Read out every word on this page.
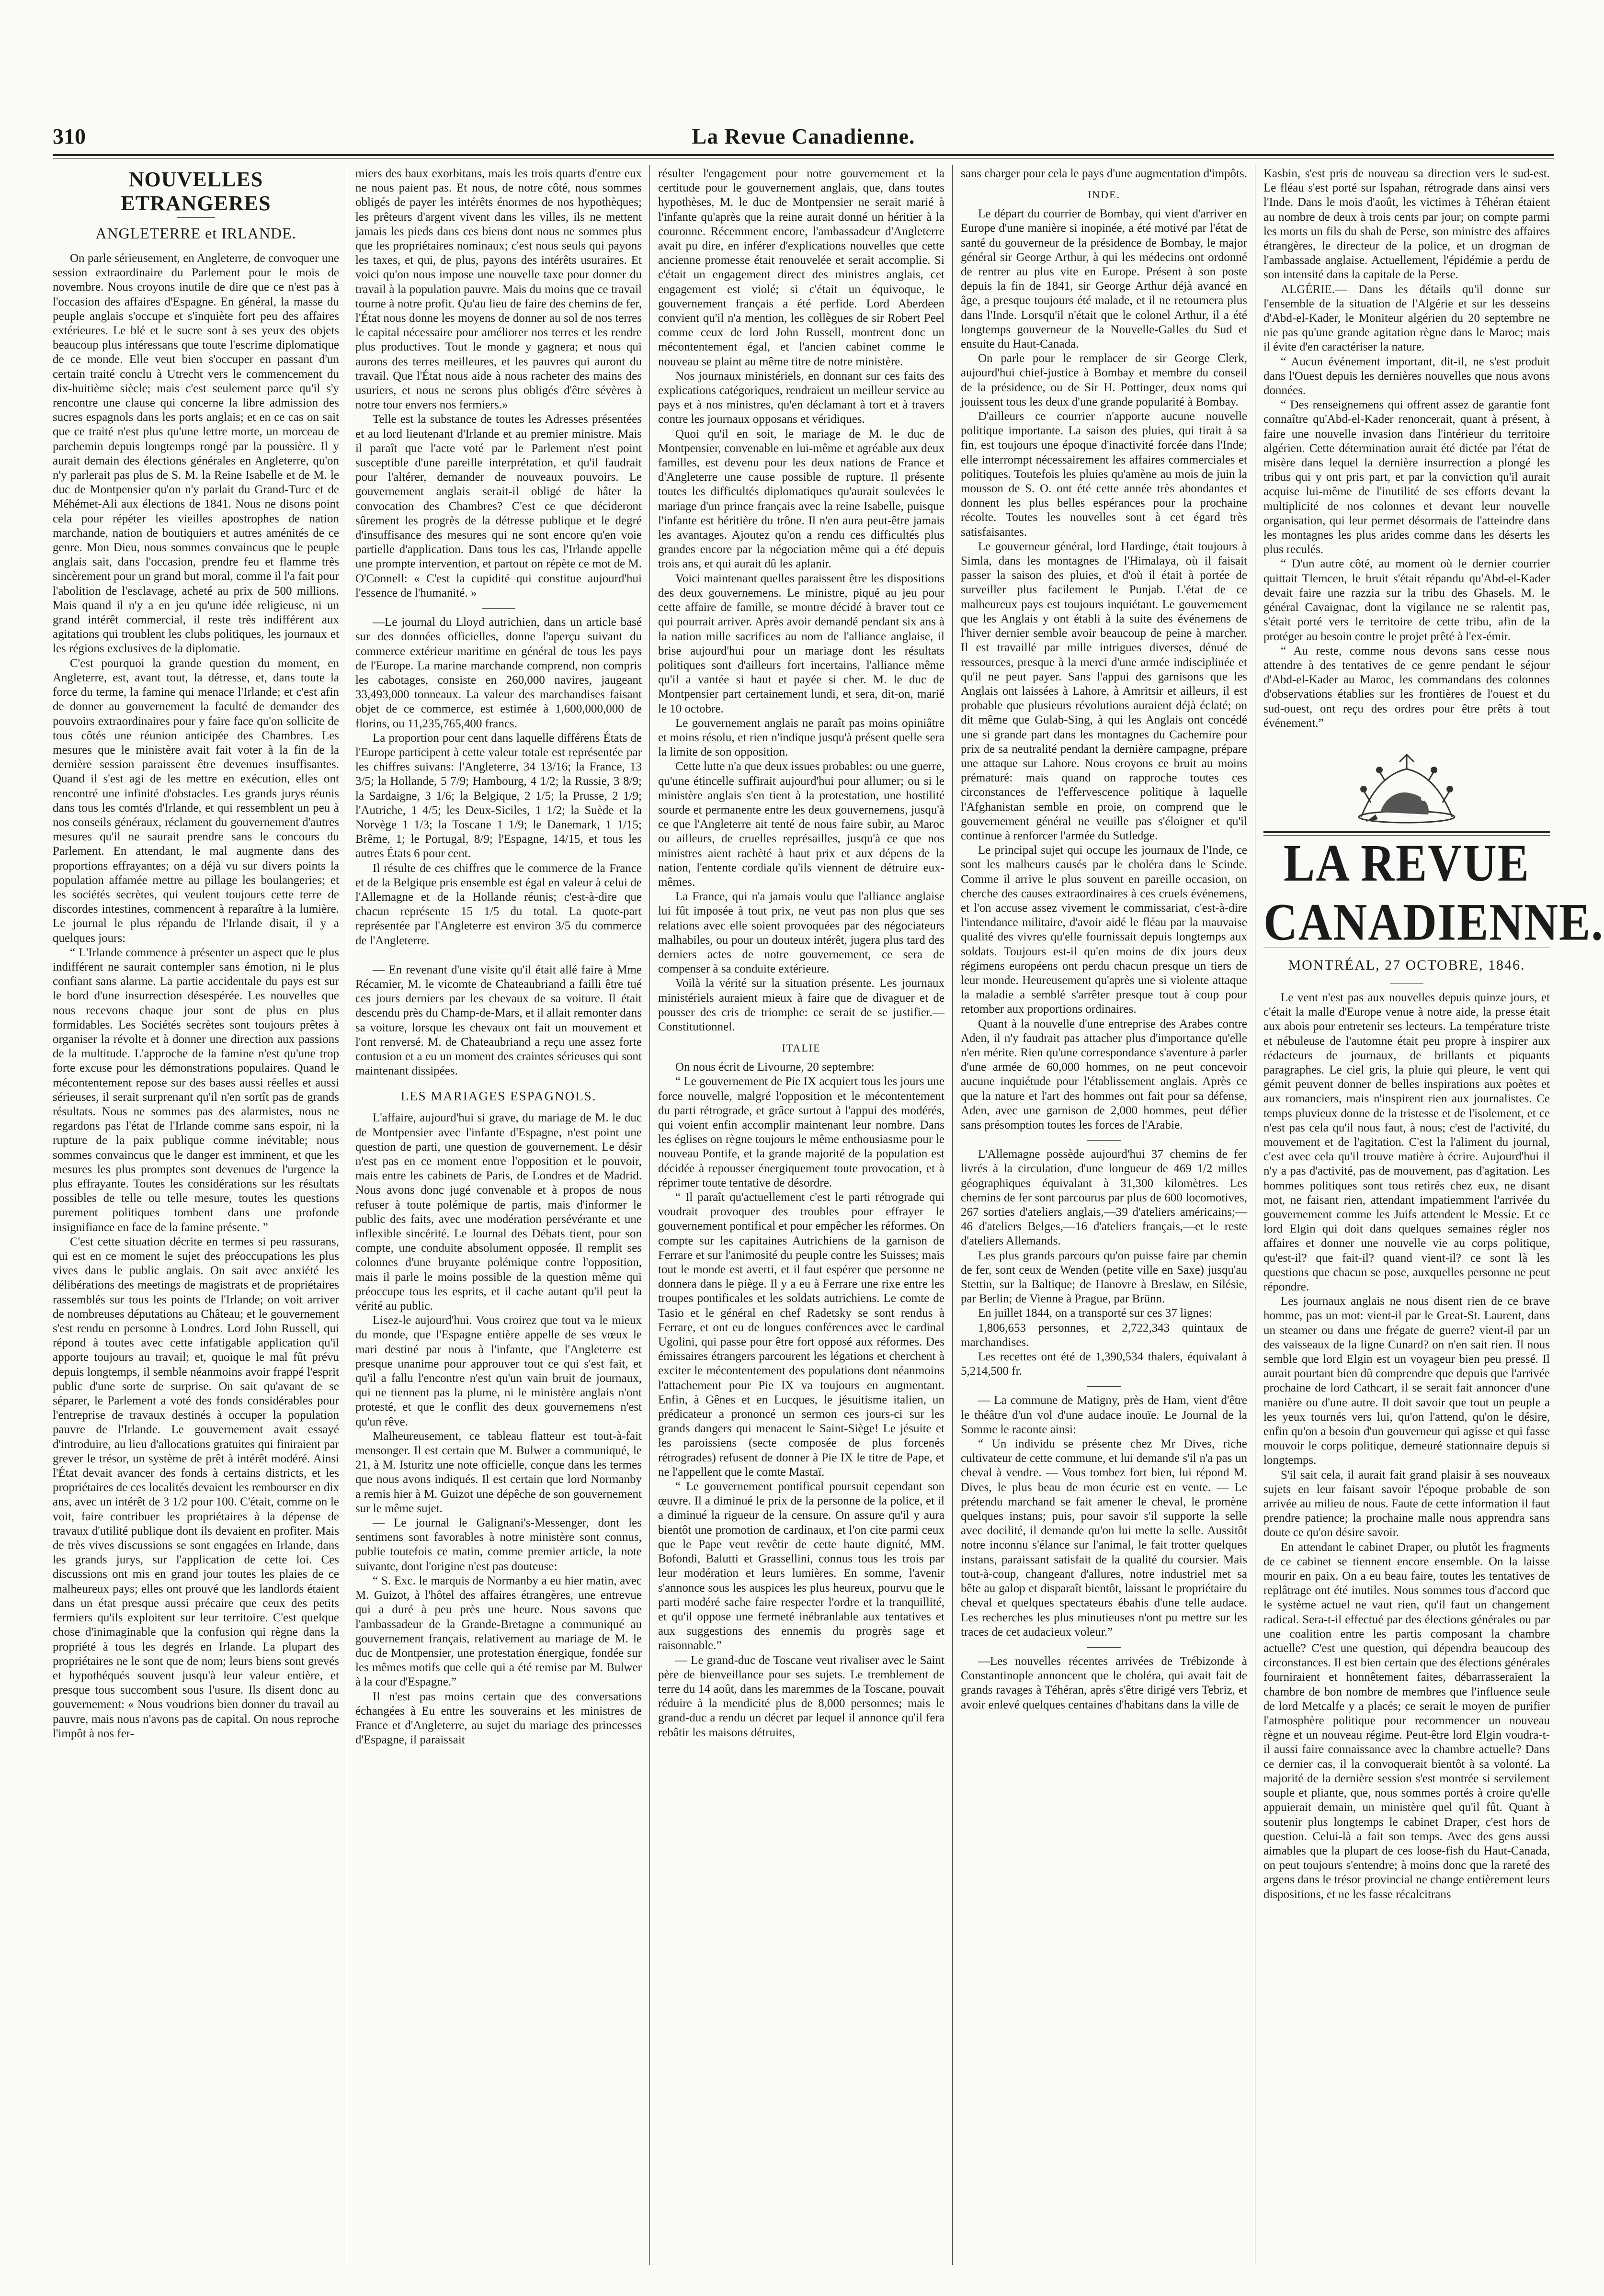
310	La Revue Canadienne.
NOUVELLES ETRANGERES
ANGLETERRE et IRLANDE.

On parle sérieusement, en Angleterre, de convoquer une session extraordinaire du Parlement pour le mois de novembre. Nous croyons inutile de dire que ce n'est pas à l'occasion des affaires d'Espagne. En général, la masse du peuple anglais s'occupe et s'inquiète fort peu des affaires extérieures. Le blé et le sucre sont à ses yeux des objets beaucoup plus intéressans que toute l'escrime diplomatique de ce monde. Elle veut bien s'occuper en passant d'un certain traité conclu à Utrecht vers le commencement du dix-huitième siècle; mais c'est seulement parce qu'il s'y rencontre une clause qui concerne la libre admission des sucres espagnols dans les ports anglais; et en ce cas on sait que ce traité n'est plus qu'une lettre morte, un morceau de parchemin depuis longtemps rongé par la poussière. Il y aurait demain des élections générales en Angleterre, qu'on n'y parlerait pas plus de S. M. la Reine Isabelle et de M. le duc de Montpensier qu'on n'y parlait du Grand-Turc et de Méhémet-Ali aux élections de 1841. Nous ne disons point cela pour répéter les vieilles apostrophes de nation marchande, nation de boutiquiers et autres aménités de ce genre. Mon Dieu, nous sommes convaincus que le peuple anglais sait, dans l'occasion, prendre feu et flamme très sincèrement pour un grand but moral, comme il l'a fait pour l'abolition de l'esclavage, acheté au prix de 500 millions. Mais quand il n'y a en jeu qu'une idée religieuse, ni un grand intérêt commercial, il reste très indifférent aux agitations qui troublent les clubs politiques, les journaux et les régions exclusives de la diplomatie.

C'est pourquoi la grande question du moment, en Angleterre, est, avant tout, la détresse, et, dans toute la force du terme, la famine qui menace l'Irlande; et c'est afin de donner au gouvernement la faculté de demander des pouvoirs extraordinaires pour y faire face qu'on sollicite de tous côtés une réunion anticipée des Chambres. Les mesures que le ministère avait fait voter à la fin de la dernière session paraissent être devenues insuffisantes. Quand il s'est agi de les mettre en exécution, elles ont rencontré une infinité d'obstacles. Les grands jurys réunis dans tous les comtés d'Irlande, et qui ressemblent un peu à nos conseils généraux, réclament du gouvernement d'autres mesures qu'il ne saurait prendre sans le concours du Parlement. En attendant, le mal augmente dans des proportions effrayantes; on a déjà vu sur divers points la population affamée mettre au pillage les boulangeries; et les sociétés secrètes, qui veulent toujours cette terre de discordes intestines, commencent à reparaître à la lumière. Le journal le plus répandu de l'Irlande disait, il y a quelques jours:

“ L'Irlande commence à présenter un aspect que le plus indifférent ne saurait contempler sans émotion, ni le plus confiant sans alarme. La partie accidentale du pays est sur le bord d'une insurrection désespérée. Les nouvelles que nous recevons chaque jour sont de plus en plus formidables. Les Sociétés secrètes sont toujours prêtes à organiser la révolte et à donner une direction aux passions de la multitude. L'approche de la famine n'est qu'une trop forte excuse pour les démonstrations populaires. Quand le mécontentement repose sur des bases aussi réelles et aussi sérieuses, il serait surprenant qu'il n'en sortît pas de grands résultats. Nous ne sommes pas des alarmistes, nous ne regardons pas l'état de l'Irlande comme sans espoir, ni la rupture de la paix publique comme inévitable; nous sommes convaincus que le danger est imminent, et que les mesures les plus promptes sont devenues de l'urgence la plus effrayante. Toutes les considérations sur les résultats possibles de telle ou telle mesure, toutes les questions purement politiques tombent dans une profonde insignifiance en face de la famine présente. ”

C'est cette situation décrite en termes si peu rassurans, qui est en ce moment le sujet des préoccupations les plus vives dans le public anglais. On sait avec anxiété les délibérations des meetings de magistrats et de propriétaires rassemblés sur tous les points de l'Irlande; on voit arriver de nombreuses députations au Château; et le gouvernement s'est rendu en personne à Londres. Lord John Russell, qui répond à toutes avec cette infatigable application qu'il apporte toujours au travail; et, quoique le mal fût prévu depuis longtemps, il semble néanmoins avoir frappé l'esprit public d'une sorte de surprise. On sait qu'avant de se séparer, le Parlement a voté des fonds considérables pour l'entreprise de travaux destinés à occuper la population pauvre de l'Irlande. Le gouvernement avait essayé d'introduire, au lieu d'allocations gratuites qui finiraient par grever le trésor, un système de prêt à intérêt modéré. Ainsi l'État devait avancer des fonds à certains districts, et les propriétaires de ces localités devaient les rembourser en dix ans, avec un intérêt de 3 1/2 pour 100. C'était, comme on le voit, faire contribuer les propriétaires à la dépense de travaux d'utilité publique dont ils devaient en profiter. Mais de très vives discussions se sont engagées en Irlande, dans les grands jurys, sur l'application de cette loi. Ces discussions ont mis en grand jour toutes les plaies de ce malheureux pays; elles ont prouvé que les landlords étaient dans un état presque aussi précaire que ceux des petits fermiers qu'ils exploitent sur leur territoire. C'est quelque chose d'inimaginable que la confusion qui règne dans la propriété à tous les degrés en Irlande. La plupart des propriétaires ne le sont que de nom; leurs biens sont grevés et hypothéqués souvent jusqu'à leur valeur entière, et presque tous succombent sous l'usure. Ils disent donc au gouvernement: « Nous voudrions bien donner du travail au pauvre, mais nous n'avons pas de capital. On nous reproche l'impôt à nos fer-

miers des baux exorbitans, mais les trois quarts d'entre eux ne nous paient pas. Et nous, de notre côté, nous sommes obligés de payer les intérêts énormes de nos hypothèques; les prêteurs d'argent vivent dans les villes, ils ne mettent jamais les pieds dans ces biens dont nous ne sommes plus que les propriétaires nominaux; c'est nous seuls qui payons les taxes, et qui, de plus, payons des intérêts usuraires. Et voici qu'on nous impose une nouvelle taxe pour donner du travail à la population pauvre. Mais du moins que ce travail tourne à notre profit. Qu'au lieu de faire des chemins de fer, l'État nous donne les moyens de donner au sol de nos terres le capital nécessaire pour améliorer nos terres et les rendre plus productives. Tout le monde y gagnera; et nous qui aurons des terres meilleures, et les pauvres qui auront du travail. Que l'État nous aide à nous racheter des mains des usuriers, et nous ne serons plus obligés d'être sévères à notre tour envers nos fermiers.»

Telle est la substance de toutes les Adresses présentées et au lord lieutenant d'Irlande et au premier ministre. Mais il paraît que l'acte voté par le Parlement n'est point susceptible d'une pareille interprétation, et qu'il faudrait pour l'altérer, demander de nouveaux pouvoirs. Le gouvernement anglais serait-il obligé de hâter la convocation des Chambres? C'est ce que décideront sûrement les progrès de la détresse publique et le degré d'insuffisance des mesures qui ne sont encore qu'en voie partielle d'application. Dans tous les cas, l'Irlande appelle une prompte intervention, et partout on répète ce mot de M. O'Connell: « C'est la cupidité qui constitue aujourd'hui l'essence de l'humanité. »

—Le journal du Lloyd autrichien, dans un article basé sur des données officielles, donne l'aperçu suivant du commerce extérieur maritime en général de tous les pays de l'Europe. La marine marchande comprend, non compris les cabotages, consiste en 260,000 navires, jaugeant 33,493,000 tonneaux. La valeur des marchandises faisant objet de ce commerce, est estimée à 1,600,000,000 de florins, ou 11,235,765,400 francs.

La proportion pour cent dans laquelle différens États de l'Europe participent à cette valeur totale est représentée par les chiffres suivans: l'Angleterre, 34 13/16; la France, 13 3/5; la Hollande, 5 7/9; Hambourg, 4 1/2; la Russie, 3 8/9; la Sardaigne, 3 1/6; la Belgique, 2 1/5; la Prusse, 2 1/9; l'Autriche, 1 4/5; les Deux-Siciles, 1 1/2; la Suède et la Norvège 1 1/3; la Toscane 1 1/9; le Danemark, 1 1/15; Brême, 1; le Portugal, 8/9; l'Espagne, 14/15, et tous les autres États 6 pour cent.

Il résulte de ces chiffres que le commerce de la France et de la Belgique pris ensemble est égal en valeur à celui de l'Allemagne et de la Hollande réunis; c'est-à-dire que chacun représente 15 1/5 du total. La quote-part représentée par l'Angleterre est environ 3/5 du commerce de l'Angleterre.

— En revenant d'une visite qu'il était allé faire à Mme Récamier, M. le vicomte de Chateaubriand a failli être tué ces jours derniers par les chevaux de sa voiture. Il était descendu près du Champ-de-Mars, et il allait remonter dans sa voiture, lorsque les chevaux ont fait un mouvement et l'ont renversé. M. de Chateaubriand a reçu une assez forte contusion et a eu un moment des craintes sérieuses qui sont maintenant dissipées.

LES MARIAGES ESPAGNOLS.

L'affaire, aujourd'hui si grave, du mariage de M. le duc de Montpensier avec l'infante d'Espagne, n'est point une question de parti, une question de gouvernement. Le désir n'est pas en ce moment entre l'opposition et le pouvoir, mais entre les cabinets de Paris, de Londres et de Madrid. Nous avons donc jugé convenable et à propos de nous refuser à toute polémique de partis, mais d'informer le public des faits, avec une modération persévérante et une inflexible sincérité. Le Journal des Débats tient, pour son compte, une conduite absolument opposée. Il remplit ses colonnes d'une bruyante polémique contre l'opposition, mais il parle le moins possible de la question même qui préoccupe tous les esprits, et il cache autant qu'il peut la vérité au public.

Lisez-le aujourd'hui. Vous croirez que tout va le mieux du monde, que l'Espagne entière appelle de ses vœux le mari destiné par nous à l'infante, que l'Angleterre est presque unanime pour approuver tout ce qui s'est fait, et qu'il a fallu l'encontre n'est qu'un vain bruit de journaux, qui ne tiennent pas la plume, ni le ministère anglais n'ont protesté, et que le conflit des deux gouvernemens n'est qu'un rêve.

Malheureusement, ce tableau flatteur est tout-à-fait mensonger. Il est certain que M. Bulwer a communiqué, le 21, à M. Isturitz une note officielle, conçue dans les termes que nous avons indiqués. Il est certain que lord Normanby a remis hier à M. Guizot une dépêche de son gouvernement sur le même sujet.

— Le journal le Galignani's-Messenger, dont les sentimens sont favorables à notre ministère sont connus, publie toutefois ce matin, comme premier article, la note suivante, dont l'origine n'est pas douteuse:

“ S. Exc. le marquis de Normanby a eu hier matin, avec M. Guizot, à l'hôtel des affaires étrangères, une entrevue qui a duré à peu près une heure. Nous savons que l'ambassadeur de la Grande-Bretagne a communiqué au gouvernement français, relativement au mariage de M. le duc de Montpensier, une protestation énergique, fondée sur les mêmes motifs que celle qui a été remise par M. Bulwer à la cour d'Espagne.”

Il n'est pas moins certain que des conversations échangées à Eu entre les souverains et les ministres de France et d'Angleterre, au sujet du mariage des princesses d'Espagne, il paraissait

résulter l'engagement pour notre gouvernement et la certitude pour le gouvernement anglais, que, dans toutes hypothèses, M. le duc de Montpensier ne serait marié à l'infante qu'après que la reine aurait donné un héritier à la couronne. Récemment encore, l'ambassadeur d'Angleterre avait pu dire, en inférer d'explications nouvelles que cette ancienne promesse était renouvelée et serait accomplie. Si c'était un engagement direct des ministres anglais, cet engagement est violé; si c'était un équivoque, le gouvernement français a été perfide. Lord Aberdeen convient qu'il n'a mention, les collègues de sir Robert Peel comme ceux de lord John Russell, montrent donc un mécontentement égal, et l'ancien cabinet comme le nouveau se plaint au même titre de notre ministère.

Nos journaux ministériels, en donnant sur ces faits des explications catégoriques, rendraient un meilleur service au pays et à nos ministres, qu'en déclamant à tort et à travers contre les journaux opposans et véridiques.

Quoi qu'il en soit, le mariage de M. le duc de Montpensier, convenable en lui-même et agréable aux deux familles, est devenu pour les deux nations de France et d'Angleterre une cause possible de rupture. Il présente toutes les difficultés diplomatiques qu'aurait soulevées le mariage d'un prince français avec la reine Isabelle, puisque l'infante est héritière du trône. Il n'en aura peut-être jamais les avantages. Ajoutez qu'on a rendu ces difficultés plus grandes encore par la négociation même qui a été depuis trois ans, et qui aurait dû les aplanir.

Voici maintenant quelles paraissent être les dispositions des deux gouvernemens. Le ministre, piqué au jeu pour cette affaire de famille, se montre décidé à braver tout ce qui pourrait arriver. Après avoir demandé pendant six ans à la nation mille sacrifices au nom de l'alliance anglaise, il brise aujourd'hui pour un mariage dont les résultats politiques sont d'ailleurs fort incertains, l'alliance même qu'il a vantée si haut et payée si cher. M. le duc de Montpensier part certainement lundi, et sera, dit-on, marié le 10 octobre.

Le gouvernement anglais ne paraît pas moins opiniâtre et moins résolu, et rien n'indique jusqu'à présent quelle sera la limite de son opposition.

Cette lutte n'a que deux issues probables: ou une guerre, qu'une étincelle suffirait aujourd'hui pour allumer; ou si le ministère anglais s'en tient à la protestation, une hostilité sourde et permanente entre les deux gouvernemens, jusqu'à ce que l'Angleterre ait tenté de nous faire subir, au Maroc ou ailleurs, de cruelles représailles, jusqu'à ce que nos ministres aient rachèté à haut prix et aux dépens de la nation, l'entente cordiale qu'ils viennent de détruire eux-mêmes.

La France, qui n'a jamais voulu que l'alliance anglaise lui fût imposée à tout prix, ne veut pas non plus que ses relations avec elle soient provoquées par des négociateurs malhabiles, ou pour un douteux intérêt, jugera plus tard des derniers actes de notre gouvernement, ce sera de compenser à sa conduite extérieure.

Voilà la vérité sur la situation présente. Les journaux ministériels auraient mieux à faire que de divaguer et de pousser des cris de triomphe: ce serait de se justifier.—Constitutionnel.

ITALIE

On nous écrit de Livourne, 20 septembre:

“ Le gouvernement de Pie IX acquiert tous les jours une force nouvelle, malgré l'opposition et le mécontentement du parti rétrograde, et grâce surtout à l'appui des modérés, qui voient enfin accomplir maintenant leur nombre. Dans les églises on règne toujours le même enthousiasme pour le nouveau Pontife, et la grande majorité de la population est décidée à repousser énergiquement toute provocation, et à réprimer toute tentative de désordre.

“ Il paraît qu'actuellement c'est le parti rétrograde qui voudrait provoquer des troubles pour effrayer le gouvernement pontifical et pour empêcher les réformes. On compte sur les capitaines Autrichiens de la garnison de Ferrare et sur l'animosité du peuple contre les Suisses; mais tout le monde est averti, et il faut espérer que personne ne donnera dans le piège. Il y a eu à Ferrare une rixe entre les troupes pontificales et les soldats autrichiens. Le comte de Tasio et le général en chef Radetsky se sont rendus à Ferrare, et ont eu de longues conférences avec le cardinal Ugolini, qui passe pour être fort opposé aux réformes. Des émissaires étrangers parcourent les légations et cherchent à exciter le mécontentement des populations dont néanmoins l'attachement pour Pie IX va toujours en augmentant. Enfin, à Gênes et en Lucques, le jésuitisme italien, un prédicateur a prononcé un sermon ces jours-ci sur les grands dangers qui menacent le Saint-Siège! Le jésuite et les paroissiens (secte composée de plus forcenés rétrogrades) refusent de donner à Pie IX le titre de Pape, et ne l'appellent que le comte Mastaï.

“ Le gouvernement pontifical poursuit cependant son œuvre. Il a diminué le prix de la personne de la police, et il a diminué la rigueur de la censure. On assure qu'il y aura bientôt une promotion de cardinaux, et l'on cite parmi ceux que le Pape veut revêtir de cette haute dignité, MM. Bofondi, Balutti et Grassellini, connus tous les trois par leur modération et leurs lumières. En somme, l'avenir s'annonce sous les auspices les plus heureux, pourvu que le parti modéré sache faire respecter l'ordre et la tranquillité, et qu'il oppose une fermeté inébranlable aux tentatives et aux suggestions des ennemis du progrès sage et raisonnable.”

— Le grand-duc de Toscane veut rivaliser avec le Saint père de bienveillance pour ses sujets. Le tremblement de terre du 14 août, dans les maremmes de la Toscane, pouvait réduire à la mendicité plus de 8,000 personnes; mais le grand-duc a rendu un décret par lequel il annonce qu'il fera rebâtir les maisons détruites,

sans charger pour cela le pays d'une augmentation d'impôts.

INDE.

Le départ du courrier de Bombay, qui vient d'arriver en Europe d'une manière si inopinée, a été motivé par l'état de santé du gouverneur de la présidence de Bombay, le major général sir George Arthur, à qui les médecins ont ordonné de rentrer au plus vite en Europe. Présent à son poste depuis la fin de 1841, sir George Arthur déjà avancé en âge, a presque toujours été malade, et il ne retournera plus dans l'Inde. Lorsqu'il n'était que le colonel Arthur, il a été longtemps gouverneur de la Nouvelle-Galles du Sud et ensuite du Haut-Canada.

On parle pour le remplacer de sir George Clerk, aujourd'hui chief-justice à Bombay et membre du conseil de la présidence, ou de Sir H. Pottinger, deux noms qui jouissent tous les deux d'une grande popularité à Bombay.

D'ailleurs ce courrier n'apporte aucune nouvelle politique importante. La saison des pluies, qui tirait à sa fin, est toujours une époque d'inactivité forcée dans l'Inde; elle interrompt nécessairement les affaires commerciales et politiques. Toutefois les pluies qu'amène au mois de juin la mousson de S. O. ont été cette année très abondantes et donnent les plus belles espérances pour la prochaine récolte. Toutes les nouvelles sont à cet égard très satisfaisantes.

Le gouverneur général, lord Hardinge, était toujours à Simla, dans les montagnes de l'Himalaya, où il faisait passer la saison des pluies, et d'où il était à portée de surveiller plus facilement le Punjab. L'état de ce malheureux pays est toujours inquiétant. Le gouvernement que les Anglais y ont établi à la suite des événemens de l'hiver dernier semble avoir beaucoup de peine à marcher. Il est travaillé par mille intrigues diverses, dénué de ressources, presque à la merci d'une armée indisciplinée et qu'il ne peut payer. Sans l'appui des garnisons que les Anglais ont laissées à Lahore, à Amritsir et ailleurs, il est probable que plusieurs révolutions auraient déjà éclaté; on dit même que Gulab-Sing, à qui les Anglais ont concédé une si grande part dans les montagnes du Cachemire pour prix de sa neutralité pendant la dernière campagne, prépare une attaque sur Lahore. Nous croyons ce bruit au moins prématuré: mais quand on rapproche toutes ces circonstances de l'effervescence politique à laquelle l'Afghanistan semble en proie, on comprend que le gouvernement général ne veuille pas s'éloigner et qu'il continue à renforcer l'armée du Sutledge.

Le principal sujet qui occupe les journaux de l'Inde, ce sont les malheurs causés par le choléra dans le Scinde. Comme il arrive le plus souvent en pareille occasion, on cherche des causes extraordinaires à ces cruels événemens, et l'on accuse assez vivement le commissariat, c'est-à-dire l'intendance militaire, d'avoir aidé le fléau par la mauvaise qualité des vivres qu'elle fournissait depuis longtemps aux soldats. Toujours est-il qu'en moins de dix jours deux régimens européens ont perdu chacun presque un tiers de leur monde. Heureusement qu'après une si violente attaque la maladie a semblé s'arrêter presque tout à coup pour retomber aux proportions ordinaires.

Quant à la nouvelle d'une entreprise des Arabes contre Aden, il n'y faudrait pas attacher plus d'importance qu'elle n'en mérite. Rien qu'une correspondance s'aventure à parler d'une armée de 60,000 hommes, on ne peut concevoir aucune inquiétude pour l'établissement anglais. Après ce que la nature et l'art des hommes ont fait pour sa défense, Aden, avec une garnison de 2,000 hommes, peut défier sans présomption toutes les forces de l'Arabie.

L'Allemagne possède aujourd'hui 37 chemins de fer livrés à la circulation, d'une longueur de 469 1/2 milles géographiques équivalant à 31,300 kilomètres. Les chemins de fer sont parcourus par plus de 600 locomotives, 267 sorties d'ateliers anglais,—39 d'ateliers américains;—46 d'ateliers Belges,—16 d'ateliers français,—et le reste d'ateliers Allemands.

Les plus grands parcours qu'on puisse faire par chemin de fer, sont ceux de Wenden (petite ville en Saxe) jusqu'au Stettin, sur la Baltique; de Hanovre à Breslaw, en Silésie, par Berlin; de Vienne à Prague, par Brünn.

En juillet 1844, on a transporté sur ces 37 lignes:

1,806,653 personnes, et 2,722,343 quintaux de marchandises.

Les recettes ont été de 1,390,534 thalers, équivalant à 5,214,500 fr.

— La commune de Matigny, près de Ham, vient d'être le théâtre d'un vol d'une audace inouïe. Le Journal de la Somme le raconte ainsi:

“ Un individu se présente chez Mr Dives, riche cultivateur de cette commune, et lui demande s'il n'a pas un cheval à vendre. — Vous tombez fort bien, lui répond M. Dives, le plus beau de mon écurie est en vente. — Le prétendu marchand se fait amener le cheval, le promène quelques instans; puis, pour savoir s'il supporte la selle avec docilité, il demande qu'on lui mette la selle. Aussitôt notre inconnu s'élance sur l'animal, le fait trotter quelques instans, paraissant satisfait de la qualité du coursier. Mais tout-à-coup, changeant d'allures, notre industriel met sa bête au galop et disparaît bientôt, laissant le propriétaire du cheval et quelques spectateurs ébahis d'une telle audace. Les recherches les plus minutieuses n'ont pu mettre sur les traces de cet audacieux voleur.”

—Les nouvelles récentes arrivées de Trébizonde à Constantinople annoncent que le choléra, qui avait fait de grands ravages à Téhéran, après s'être dirigé vers Tebriz, et avoir enlevé quelques centaines d'habitans dans la ville de

Kasbin, s'est pris de nouveau sa direction vers le sud-est. Le fléau s'est porté sur Ispahan, rétrograde dans ainsi vers l'Inde. Dans le mois d'août, les victimes à Téhéran étaient au nombre de deux à trois cents par jour; on compte parmi les morts un fils du shah de Perse, son ministre des affaires étrangères, le directeur de la police, et un drogman de l'ambassade anglaise. Actuellement, l'épidémie a perdu de son intensité dans la capitale de la Perse.

ALGÉRIE.— Dans les détails qu'il donne sur l'ensemble de la situation de l'Algérie et sur les desseins d'Abd-el-Kader, le Moniteur algérien du 20 septembre ne nie pas qu'une grande agitation règne dans le Maroc; mais il évite d'en caractériser la nature.

“ Aucun événement important, dit-il, ne s'est produit dans l'Ouest depuis les dernières nouvelles que nous avons données.

“ Des renseignemens qui offrent assez de garantie font connaître qu'Abd-el-Kader renoncerait, quant à présent, à faire une nouvelle invasion dans l'intérieur du territoire algérien. Cette détermination aurait été dictée par l'état de misère dans lequel la dernière insurrection a plongé les tribus qui y ont pris part, et par la conviction qu'il aurait acquise lui-même de l'inutilité de ses efforts devant la multiplicité de nos colonnes et devant leur nouvelle organisation, qui leur permet désormais de l'atteindre dans les montagnes les plus arides comme dans les déserts les plus reculés.

“ D'un autre côté, au moment où le dernier courrier quittait Tlemcen, le bruit s'était répandu qu'Abd-el-Kader devait faire une razzia sur la tribu des Ghasels. M. le général Cavaignac, dont la vigilance ne se ralentit pas, s'était porté vers le territoire de cette tribu, afin de la protéger au besoin contre le projet prêté à l'ex-émir.

“ Au reste, comme nous devons sans cesse nous attendre à des tentatives de ce genre pendant le séjour d'Abd-el-Kader au Maroc, les commandans des colonnes d'observations établies sur les frontières de l'ouest et du sud-ouest, ont reçu des ordres pour être prêts à tout événement.”

LA REVUE CANADIENNE.
MONTRÉAL, 27 OCTOBRE, 1846.

Le vent n'est pas aux nouvelles depuis quinze jours, et c'était la malle d'Europe venue à notre aide, la presse était aux abois pour entretenir ses lecteurs. La température triste et nébuleuse de l'automne était peu propre à inspirer aux rédacteurs de journaux, de brillants et piquants paragraphes. Le ciel gris, la pluie qui pleure, le vent qui gémit peuvent donner de belles inspirations aux poètes et aux romanciers, mais n'inspirent rien aux journalistes. Ce temps pluvieux donne de la tristesse et de l'isolement, et ce n'est pas cela qu'il nous faut, à nous; c'est de l'activité, du mouvement et de l'agitation. C'est la l'aliment du journal, c'est avec cela qu'il trouve matière à écrire. Aujourd'hui il n'y a pas d'activité, pas de mouvement, pas d'agitation. Les hommes politiques sont tous retirés chez eux, ne disant mot, ne faisant rien, attendant impatiemment l'arrivée du gouvernement comme les Juifs attendent le Messie. Et ce lord Elgin qui doit dans quelques semaines régler nos affaires et donner une nouvelle vie au corps politique, qu'est-il? que fait-il? quand vient-il? ce sont là les questions que chacun se pose, auxquelles personne ne peut répondre.

Les journaux anglais ne nous disent rien de ce brave homme, pas un mot: vient-il par le Great-St. Laurent, dans un steamer ou dans une frégate de guerre? vient-il par un des vaisseaux de la ligne Cunard? on n'en sait rien. Il nous semble que lord Elgin est un voyageur bien peu pressé. Il aurait pourtant bien dû comprendre que depuis que l'arrivée prochaine de lord Cathcart, il se serait fait annoncer d'une manière ou d'une autre. Il doit savoir que tout un peuple a les yeux tournés vers lui, qu'on l'attend, qu'on le désire, enfin qu'on a besoin d'un gouverneur qui agisse et qui fasse mouvoir le corps politique, demeuré stationnaire depuis si longtemps.

S'il sait cela, il aurait fait grand plaisir à ses nouveaux sujets en leur faisant savoir l'époque probable de son arrivée au milieu de nous. Faute de cette information il faut prendre patience; la prochaine malle nous apprendra sans doute ce qu'on désire savoir.

En attendant le cabinet Draper, ou plutôt les fragments de ce cabinet se tiennent encore ensemble. On la laisse mourir en paix. On a eu beau faire, toutes les tentatives de replâtrage ont été inutiles. Nous sommes tous d'accord que le système actuel ne vaut rien, qu'il faut un changement radical. Sera-t-il effectué par des élections générales ou par une coalition entre les partis composant la chambre actuelle? C'est une question, qui dépendra beaucoup des circonstances. Il est bien certain que des élections générales fourniraient et honnêtement faites, débarrasseraient la chambre de bon nombre de membres que l'influence seule de lord Metcalfe y a placés; ce serait le moyen de purifier l'atmosphère politique pour recommencer un nouveau règne et un nouveau régime. Peut-être lord Elgin voudra-t-il aussi faire connaissance avec la chambre actuelle? Dans ce dernier cas, il la convoquerait bientôt à sa volonté. La majorité de la dernière session s'est montrée si servilement souple et pliante, que, nous sommes portés à croire qu'elle appuierait demain, un ministère quel qu'il fût. Quant à soutenir plus longtemps le cabinet Draper, c'est hors de question. Celui-là a fait son temps. Avec des gens aussi aimables que la plupart de ces loose-fish du Haut-Canada, on peut toujours s'entendre; à moins donc que la rareté des argens dans le trésor provincial ne change entièrement leurs dispositions, et ne les fasse récalcitrans
